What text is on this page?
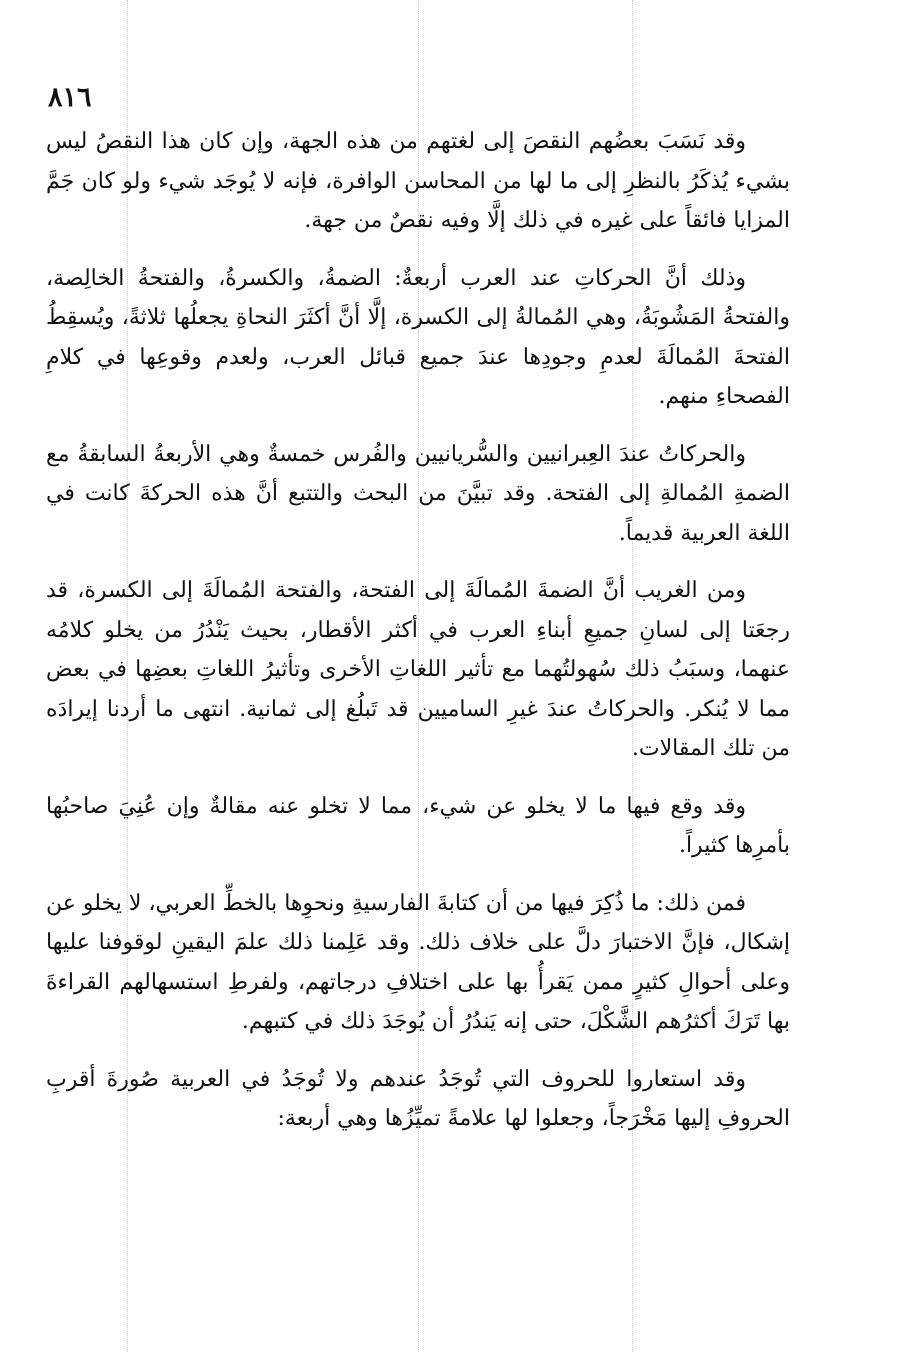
٨١٦

وقد نَسَبَ بعضُهم النقصَ إلى لغتهم من هذه الجهة، وإن كان هذا النقصُ ليس بشيء يُذكَرُ بالنظرِ إلى ما لها من المحاسن الوافرة، فإنه لا يُوجَد شيء ولو كان جَمَّ المزايا فائقاً على غيره في ذلك إلَّا وفيه نقصٌ من جهة.

وذلك أنَّ الحركاتِ عند العرب أربعةٌ: الضمةُ، والكسرةُ، والفتحةُ الخالِصة، والفتحةُ المَشُوبَةُ، وهي المُمالةُ إلى الكسرة، إلَّا أنَّ أكثَرَ النحاةِ يجعلُها ثلاثةً، ويُسقِطُ الفتحةَ المُمالَةَ لعدمِ وجودِها عندَ جميع قبائل العرب، ولعدم وقوعِها في كلامِ الفصحاءِ منهم.

والحركاتُ عندَ العِبرانيين والسُّريانيين والفُرس خمسةٌ وهي الأربعةُ السابقةُ مع الضمةِ المُمالةِ إلى الفتحة. وقد تبيَّنَ من البحث والتتبع أنَّ هذه الحركةَ كانت في اللغة العربية قديماً.

ومن الغريب أنَّ الضمةَ المُمالَةَ إلى الفتحة، والفتحة المُمالَةَ إلى الكسرة، قد رجعَتا إلى لسانِ جميعِ أبناءِ العرب في أكثر الأقطار، بحيث يَنْدُرُ من يخلو كلامُه عنهما، وسبَبُ ذلك سُهولتُهما مع تأثير اللغاتِ الأخرى وتأثيرُ اللغاتِ بعضِها في بعض مما لا يُنكر. والحركاتُ عندَ غيرِ الساميين قد تَبلُغ إلى ثمانية. انتهى ما أردنا إيرادَه من تلك المقالات.

وقد وقع فيها ما لا يخلو عن شيء، مما لا تخلو عنه مقالةٌ وإن عُنِيَ صاحبُها بأمرِها كثيراً.

فمن ذلك: ما ذُكِرَ فيها من أن كتابةَ الفارسيةِ ونحوِها بالخطِّ العربي، لا يخلو عن إشكال، فإنَّ الاختبارَ دلَّ على خلاف ذلك. وقد عَلِمنا ذلك علمَ اليقينِ لوقوفنا عليها وعلى أحوالِ كثيرٍ ممن يَقرأُ بها على اختلافِ درجاتهم، ولفرطِ استسهالهم القراءةَ بها تَرَكَ أكثرُهم الشَّكْلَ، حتى إنه يَندُرُ أن يُوجَدَ ذلك في كتبهم.

وقد استعاروا للحروف التي تُوجَدُ عندهم ولا تُوجَدُ في العربية صُورةَ أقربِ الحروفِ إليها مَخْرَجاً، وجعلوا لها علامةً تميِّزُها وهي أربعة:
